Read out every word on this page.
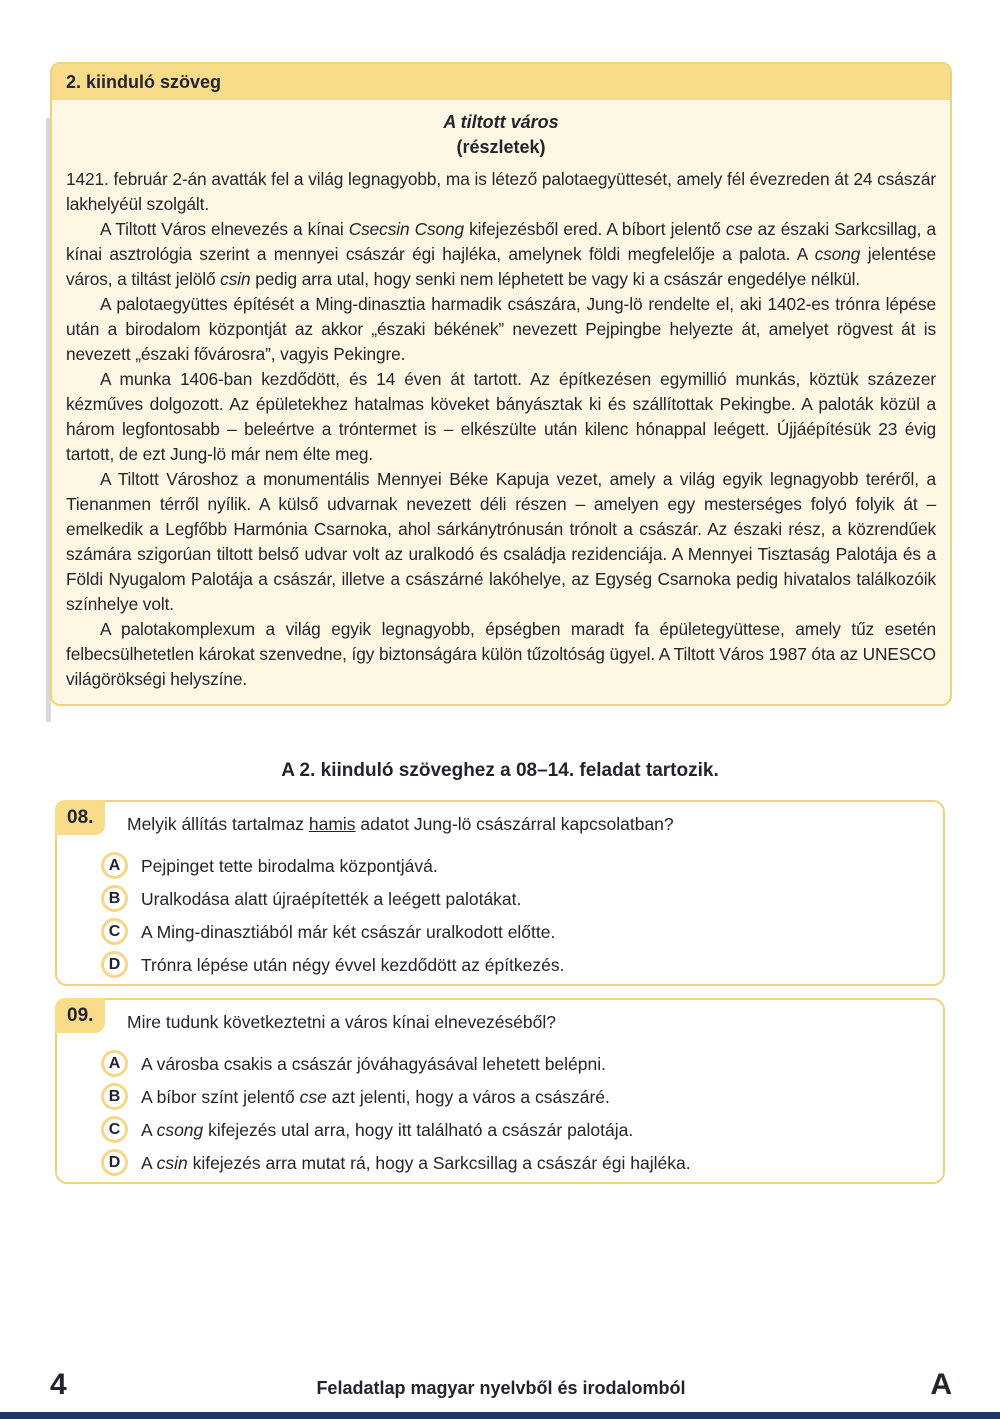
2. kiinduló szöveg
A tiltott város
(részletek)

1421. február 2-án avatták fel a világ legnagyobb, ma is létező palotaegyüttesét, amely fél évezreden át 24 császár lakhelyéül szolgált.

A Tiltott Város elnevezés a kínai Csecsin Csong kifejezésből ered. A bíbort jelentő cse az északi Sarkcsillag, a kínai asztrológia szerint a mennyei császár égi hajléka, amelynek földi megfelelője a palota. A csong jelentése város, a tiltást jelölő csin pedig arra utal, hogy senki nem léphetett be vagy ki a császár engedélye nélkül.

A palotaegyüttes építését a Ming-dinasztia harmadik császára, Jung-lö rendelte el, aki 1402-es trónra lépése után a birodalom központját az akkor „északi békének” nevezett Pejpingbe helyezte át, amelyet rögvest át is nevezett „északi fővárosra”, vagyis Pekingre.

A munka 1406-ban kezdődött, és 14 éven át tartott. Az építkezésen egymillió munkás, köztük százezer kézműves dolgozott. Az épületekhez hatalmas köveket bányásztak ki és szállítottak Pekingbe. A paloták közül a három legfontosabb – beleértve a tróntermet is – elkészülte után kilenc hónappal leégett. Újjáépítésük 23 évig tartott, de ezt Jung-lö már nem élte meg.

A Tiltott Városhoz a monumentális Mennyei Béke Kapuja vezet, amely a világ egyik legnagyobb teréről, a Tienanmen térről nyílik. A külső udvarnak nevezett déli részen – amelyen egy mesterséges folyó folyik át – emelkedik a Legfőbb Harmónia Csarnoka, ahol sárkánytrónusán trónolt a császár. Az északi rész, a közrendűek számára szigorúan tiltott belső udvar volt az uralkodó és családja rezidenciája. A Mennyei Tisztaság Palotája és a Földi Nyugalom Palotája a császár, illetve a császárné lakóhelye, az Egység Csarnoka pedig hivatalos találkozóik színhelye volt.

A palotakomplexum a világ egyik legnagyobb, épségben maradt fa épületegyüttese, amely tűz esetén felbecsülhetetlen károkat szenvedne, így biztonságára külön tűzoltóság ügyel. A Tiltott Város 1987 óta az UNESCO világörökségi helyszíne.

A 2. kiinduló szöveghez a 08–14. feladat tartozik.
08.	Melyik állítás tartalmaz hamis adatot Jung-lö császárral kapcsolatban?
A	Pejpinget tette birodalma központjává.
B	Uralkodása alatt újraépítették a leégett palotákat.
C	A Ming-dinasztiából már két császár uralkodott előtte.
D	Trónra lépése után négy évvel kezdődött az építkezés.
09.	Mire tudunk következtetni a város kínai elnevezéséből?
A	A városba csakis a császár jóváhagyásával lehetett belépni.
B	A bíbor színt jelentő cse azt jelenti, hogy a város a császáré.
C	A csong kifejezés utal arra, hogy itt található a császár palotája.
D	A csin kifejezés arra mutat rá, hogy a Sarkcsillag a császár égi hajléka.
4	Feladatlap magyar nyelvből és irodalomból	A
